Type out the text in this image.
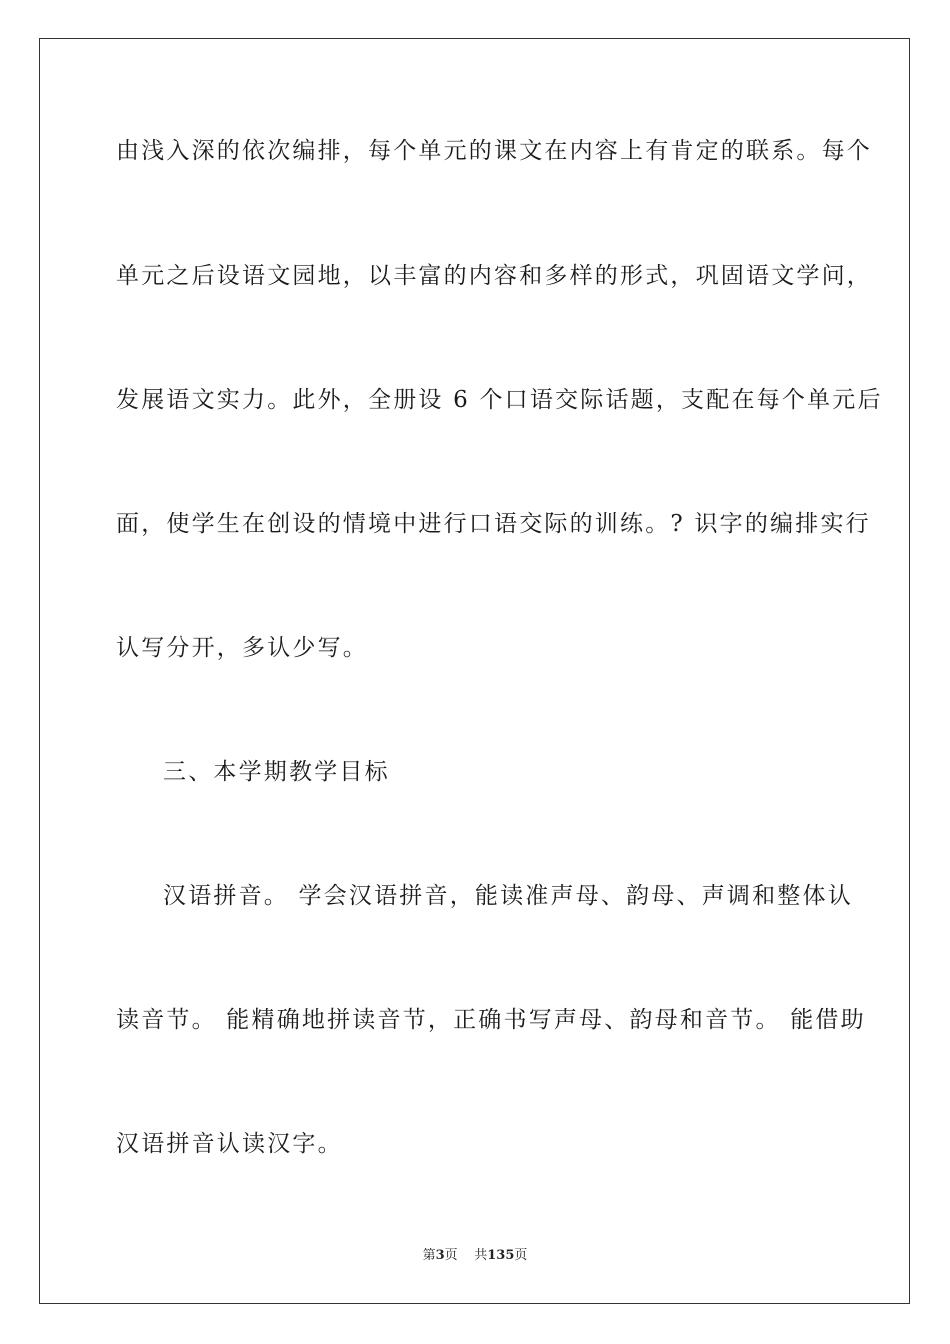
由浅入深的依次编排，每个单元的课文在内容上有肯定的联系。每个
单元之后设语文园地，以丰富的内容和多样的形式，巩固语文学问，
发展语文实力。此外，全册设 6 个口语交际话题，支配在每个单元后
面，使学生在创设的情境中进行口语交际的训练。? 识字的编排实行
认写分开，多认少写。
三、本学期教学目标
汉语拼音。 学会汉语拼音，能读准声母、韵母、声调和整体认
读音节。 能精确地拼读音节，正确书写声母、韵母和音节。 能借助
汉语拼音认读汉字。
第3页 共135页
